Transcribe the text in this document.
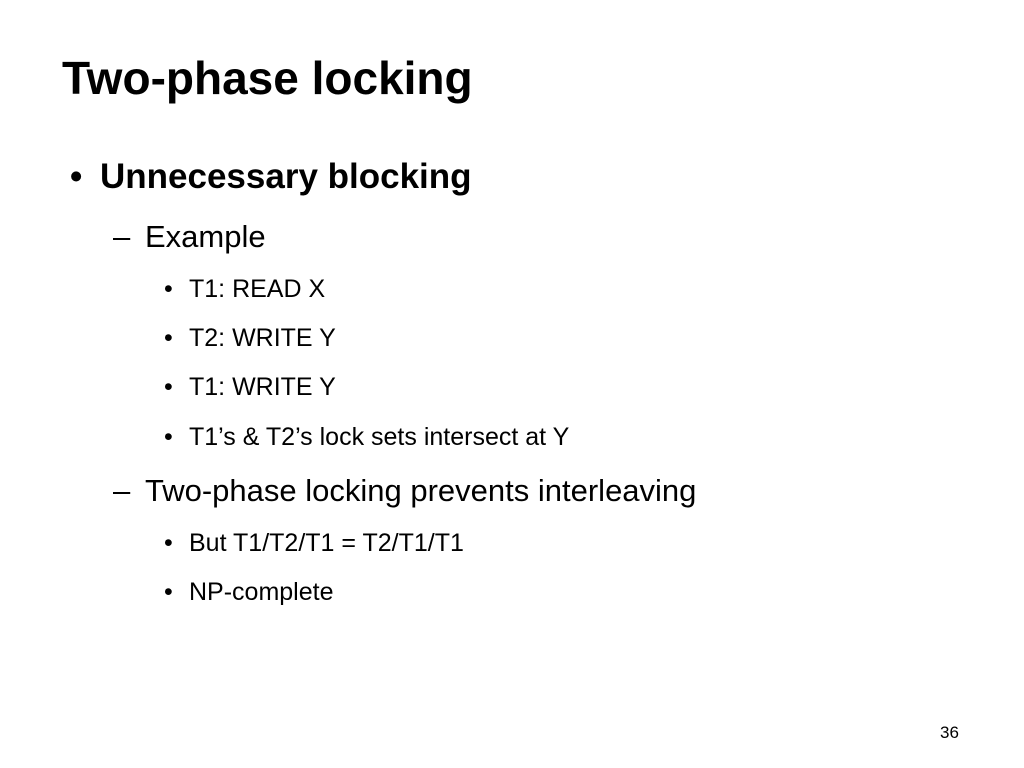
Two-phase locking
• Unnecessary blocking
– Example
• T1: READ X
• T2: WRITE Y
• T1: WRITE Y
• T1’s & T2’s lock sets intersect at Y
– Two-phase locking prevents interleaving
• But T1/T2/T1 = T2/T1/T1
• NP-complete
36
